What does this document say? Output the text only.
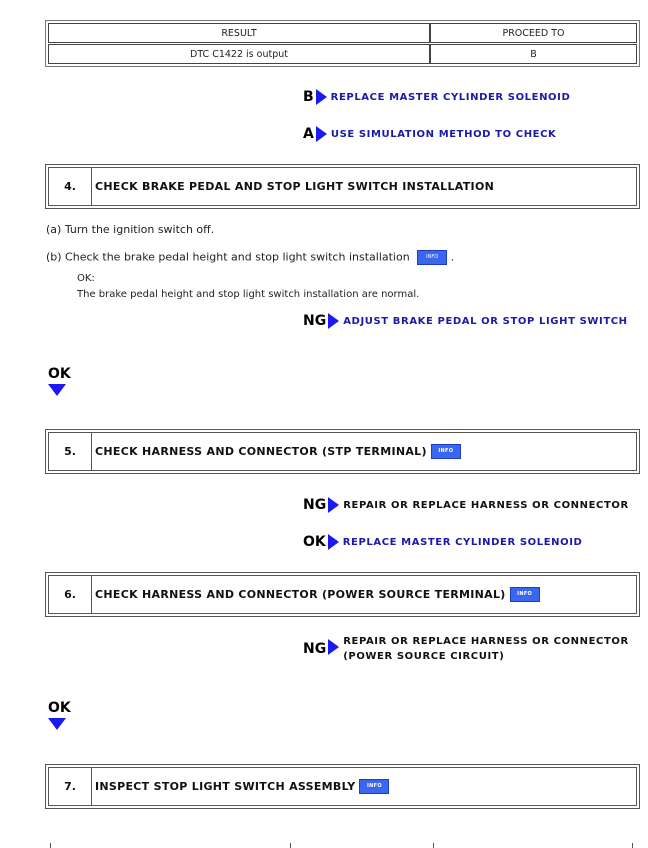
RESULT	PROCEED TO
DTC C1422 is output	B
B REPLACE MASTER CYLINDER SOLENOID
A USE SIMULATION METHOD TO CHECK
4.	CHECK BRAKE PEDAL AND STOP LIGHT SWITCH INSTALLATION
(a) Turn the ignition switch off.
(b) Check the brake pedal height and stop light switch installation	INFO .
OK:
The brake pedal height and stop light switch installation are normal.
NG ADJUST BRAKE PEDAL OR STOP LIGHT SWITCH
OK
5.	CHECK HARNESS AND CONNECTOR (STP TERMINAL)	INFO
NG REPAIR OR REPLACE HARNESS OR CONNECTOR
OK REPLACE MASTER CYLINDER SOLENOID
6.	CHECK HARNESS AND CONNECTOR (POWER SOURCE TERMINAL)	INFO
NG REPAIR OR REPLACE HARNESS OR CONNECTOR
(POWER SOURCE CIRCUIT)
OK
7.	INSPECT STOP LIGHT SWITCH ASSEMBLY	INFO
